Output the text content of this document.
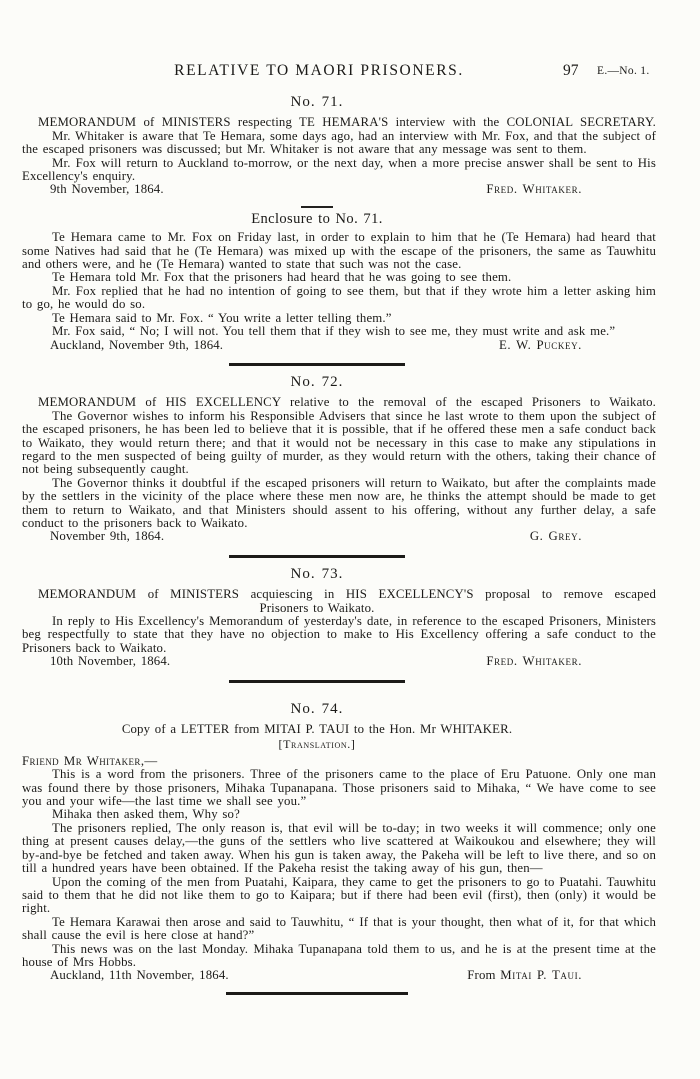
RELATIVE TO MAORI PRISONERS.	97 E.—No. 1.
No. 71.

MEMORANDUM of MINISTERS respecting TE HEMARA'S interview with the COLONIAL SECRETARY.

Mr. Whitaker is aware that Te Hemara, some days ago, had an interview with Mr. Fox, and that the subject of the escaped prisoners was discussed; but Mr. Whitaker is not aware that any message was sent to them.

Mr. Fox will return to Auckland to-morrow, or the next day, when a more precise answer shall be sent to His Excellency's enquiry.

9th November, 1864.	Fred. Whitaker.
Enclosure to No. 71.

Te Hemara came to Mr. Fox on Friday last, in order to explain to him that he (Te Hemara) had heard that some Natives had said that he (Te Hemara) was mixed up with the escape of the prisoners, the same as Tauwhitu and others were, and he (Te Hemara) wanted to state that such was not the case.

Te Hemara told Mr. Fox that the prisoners had heard that he was going to see them.

Mr. Fox replied that he had no intention of going to see them, but that if they wrote him a letter asking him to go, he would do so.

Te Hemara said to Mr. Fox. “ You write a letter telling them.”

Mr. Fox said, “ No; I will not. You tell them that if they wish to see me, they must write and ask me.”

Auckland, November 9th, 1864.	E. W. Puckey.
No. 72.

MEMORANDUM of HIS EXCELLENCY relative to the removal of the escaped Prisoners to Waikato.

The Governor wishes to inform his Responsible Advisers that since he last wrote to them upon the subject of the escaped prisoners, he has been led to believe that it is possible, that if he offered these men a safe conduct back to Waikato, they would return there; and that it would not be necessary in this case to make any stipulations in regard to the men suspected of being guilty of murder, as they would return with the others, taking their chance of not being subsequently caught.

The Governor thinks it doubtful if the escaped prisoners will return to Waikato, but after the complaints made by the settlers in the vicinity of the place where these men now are, he thinks the attempt should be made to get them to return to Waikato, and that Ministers should assent to his offering, without any further delay, a safe conduct to the prisoners back to Waikato.

November 9th, 1864.	G. Grey.
No. 73.

MEMORANDUM of MINISTERS acquiescing in HIS EXCELLENCY'S proposal to remove escaped

Prisoners to Waikato.

In reply to His Excellency's Memorandum of yesterday's date, in reference to the escaped Prisoners, Ministers beg respectfully to state that they have no objection to make to His Excellency offering a safe conduct to the Prisoners back to Waikato.

10th November, 1864.	Fred. Whitaker.
No. 74.

Copy of a LETTER from MITAI P. TAUI to the Hon. Mr WHITAKER.

[Translation.]

Friend Mr Whitaker,—

This is a word from the prisoners. Three of the prisoners came to the place of Eru Patuone. Only one man was found there by those prisoners, Mihaka Tupanapana. Those prisoners said to Mihaka, “ We have come to see you and your wife—the last time we shall see you.”

Mihaka then asked them, Why so?

The prisoners replied, The only reason is, that evil will be to-day; in two weeks it will commence; only one thing at present causes delay,—the guns of the settlers who live scattered at Waikoukou and elsewhere; they will by-and-bye be fetched and taken away. When his gun is taken away, the Pakeha will be left to live there, and so on till a hundred years have been obtained. If the Pakeha resist the taking away of his gun, then—

Upon the coming of the men from Puatahi, Kaipara, they came to get the prisoners to go to Puatahi. Tauwhitu said to them that he did not like them to go to Kaipara; but if there had been evil (first), then (only) it would be right.

Te Hemara Karawai then arose and said to Tauwhitu, “ If that is your thought, then what of it, for that which shall cause the evil is here close at hand?”

This news was on the last Monday. Mihaka Tupanapana told them to us, and he is at the present time at the house of Mrs Hobbs.

Auckland, 11th November, 1864.	From Mitai P. Taui.
